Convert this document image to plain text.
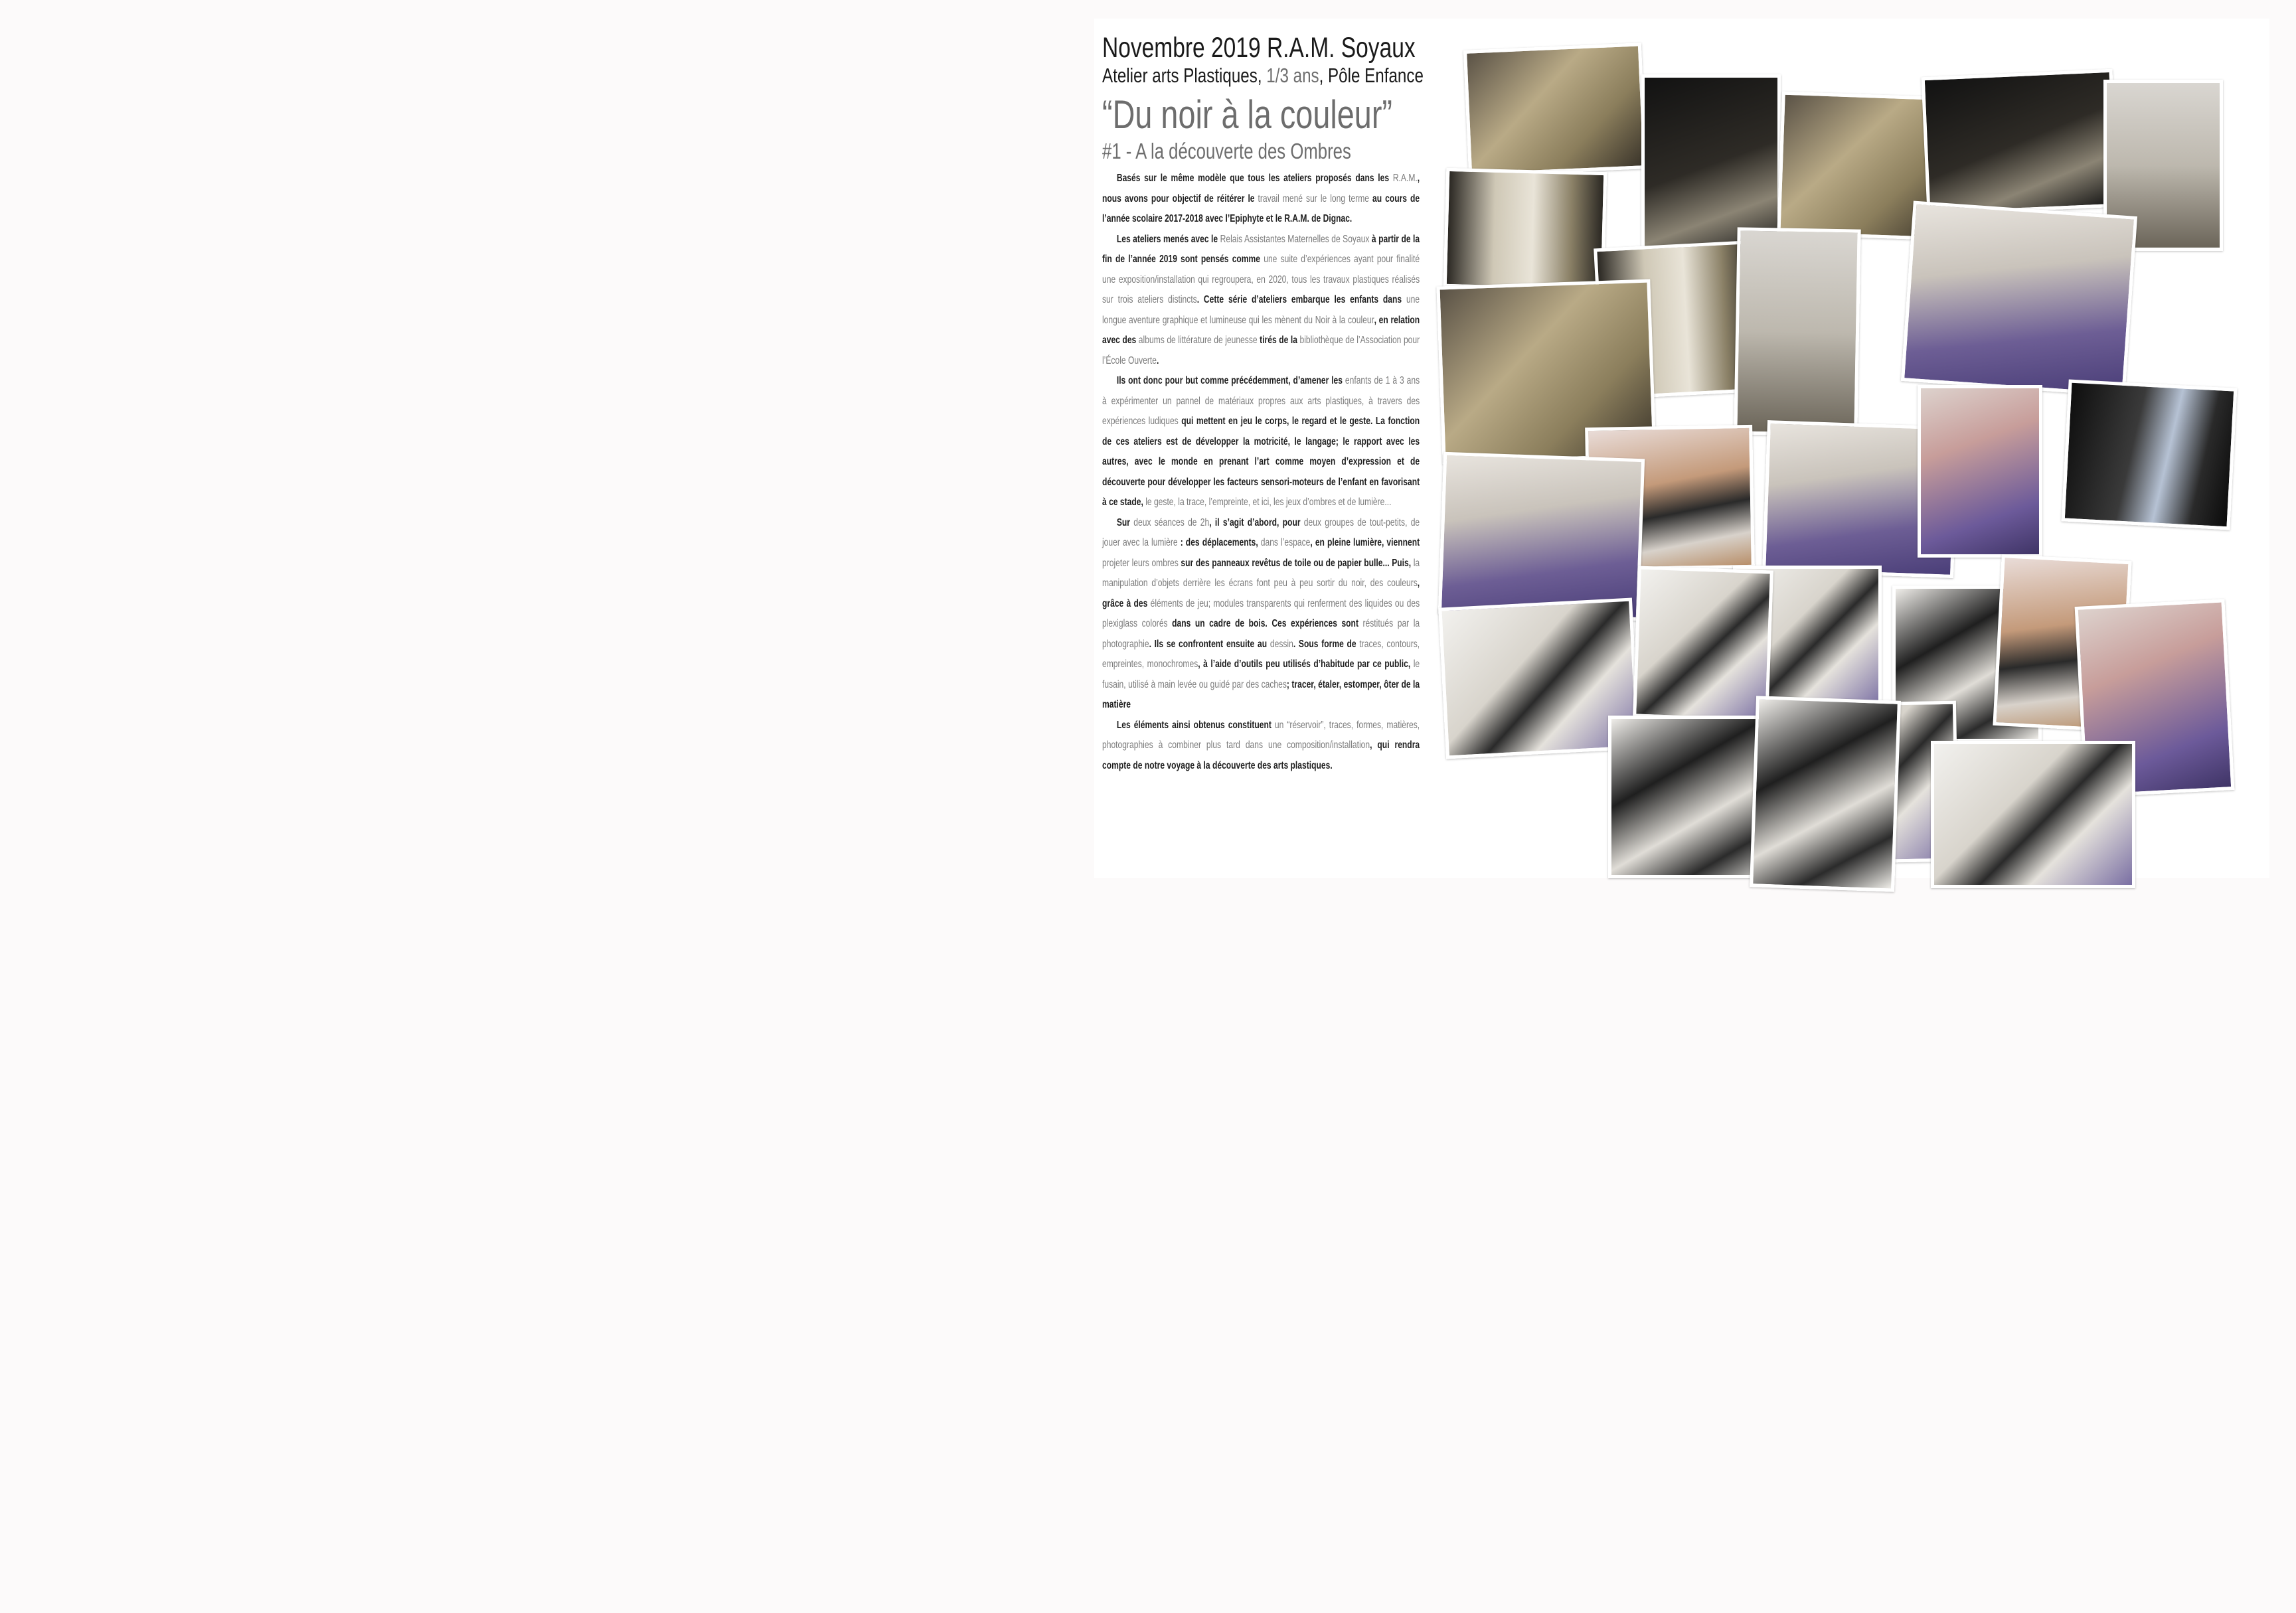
Novembre 2019 R.A.M. Soyaux
Atelier arts Plastiques, 1/3 ans, Pôle Enfance
“Du noir à la couleur”
#1 - A la découverte des Ombres

Basés sur le même modèle que tous les ateliers proposés dans les R.A.M., nous avons pour objectif de réitérer le travail mené sur le long terme au cours de l’année scolaire 2017-2018 avec l’Epiphyte et le R.A.M. de Dignac.

Les ateliers menés avec le Relais Assistantes Maternelles de Soyaux à partir de la fin de l’année 2019 sont pensés comme une suite d’expériences ayant pour finalité une exposition/installation qui regroupera, en 2020, tous les travaux plastiques réalisés sur trois ateliers distincts. Cette série d’ateliers embarque les enfants dans une longue aventure graphique et lumineuse qui les mènent du Noir à la couleur, en relation avec des albums de littérature de jeunesse tirés de la bibliothèque de l’Association pour l’École Ouverte.

Ils ont donc pour but comme précédemment, d’amener les enfants de 1 à 3 ans à expérimenter un pannel de matériaux propres aux arts plastiques, à travers des expériences ludiques qui mettent en jeu le corps, le regard et le geste. La fonction de ces ateliers est de développer la motricité, le langage; le rapport avec les autres, avec le monde en prenant l’art comme moyen d’expression et de découverte pour développer les facteurs sensori-moteurs de l’enfant en favorisant à ce stade, le geste, la trace, l’empreinte, et ici, les jeux d’ombres et de lumière...

Sur deux séances de 2h, il s’agit d’abord, pour deux groupes de tout-petits, de jouer avec la lumière : des déplacements, dans l’espace, en pleine lumière, viennent projeter leurs ombres sur des panneaux revêtus de toile ou de papier bulle... Puis, la manipulation d’objets derrière les écrans font peu à peu sortir du noir, des couleurs, grâce à des éléments de jeu; modules transparents qui renferment des liquides ou des plexiglass colorés dans un cadre de bois. Ces expériences sont réstitués par la photographie. Ils se confrontent ensuite au dessin. Sous forme de traces, contours, empreintes, monochromes, à l’aide d’outils peu utilisés d’habitude par ce public, le fusain, utilisé à main levée ou guidé par des caches; tracer, étaler, estomper, ôter de la matière

Les éléments ainsi obtenus constituent un “réservoir”, traces, formes, matières, photographies à combiner plus tard dans une composition/installation, qui rendra compte de notre voyage à la découverte des arts plastiques.
